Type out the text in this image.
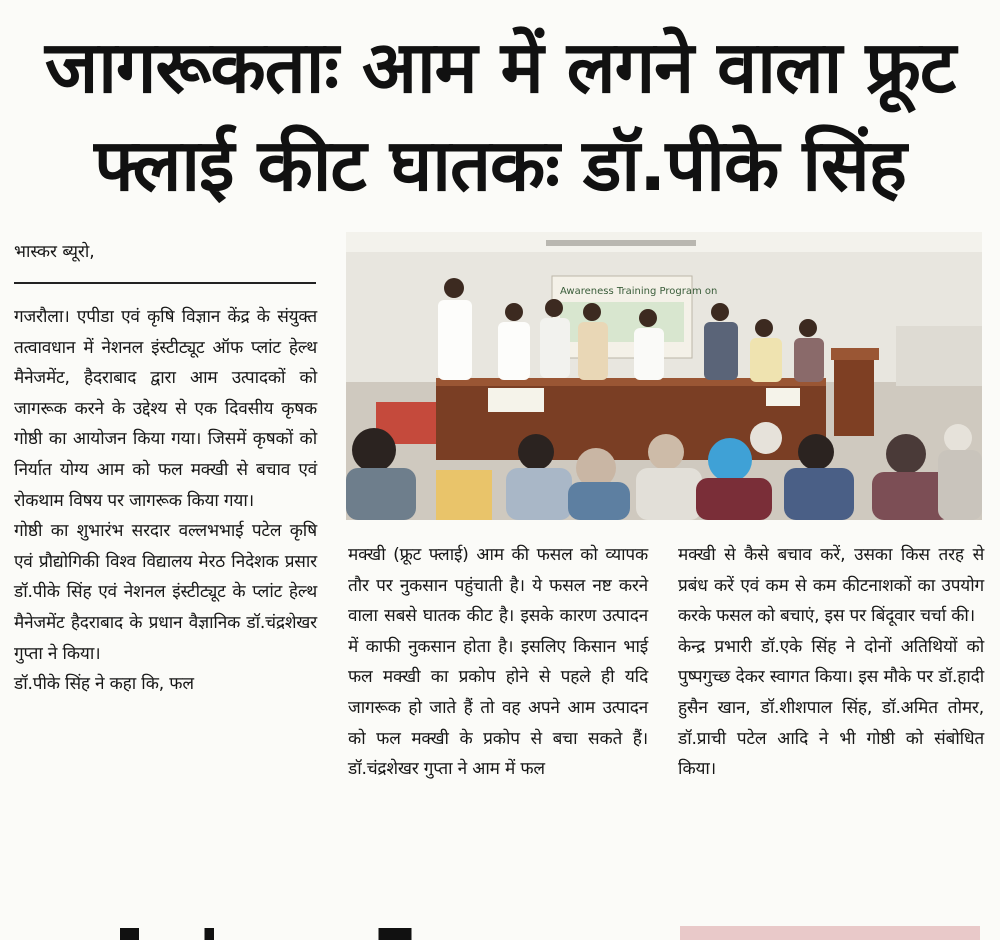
जागरूकताः आम में लगने वाला फ्रूट
फ्लाई कीट घातकः डॉ.पीके सिंह
भास्कर ब्यूरो,

गजरौला। एपीडा एवं कृषि विज्ञान केंद्र के संयुक्त तत्वावधान में नेशनल इंस्टीट्यूट ऑफ प्लांट हेल्थ मैनेजमेंट, हैदराबाद द्वारा आम उत्पादकों को जागरूक करने के उद्देश्य से एक दिवसीय कृषक गोष्ठी का आयोजन किया गया। जिसमें कृषकों को निर्यात योग्य आम को फल मक्खी से बचाव एवं रोकथाम विषय पर जागरूक किया गया।

गोष्ठी का शुभारंभ सरदार वल्लभभाई पटेल कृषि एवं प्रौद्योगिकी विश्व विद्यालय मेरठ निदेशक प्रसार डॉ.पीके सिंह एवं नेशनल इंस्टीट्यूट के प्लांट हेल्थ मैनेजमेंट हैदराबाद के प्रधान वैज्ञानिक डॉ.चंद्रशेखर गुप्ता ने किया।

डॉ.पीके सिंह ने कहा कि, फल

Awareness Training Program on

मक्खी (फ्रूट फ्लाई) आम की फसल को व्यापक तौर पर नुकसान पहुंचाती है। ये फसल नष्ट करने वाला सबसे घातक कीट है। इसके कारण उत्पादन में काफी नुकसान होता है। इसलिए किसान भाई फल मक्खी का प्रकोप होने से पहले ही यदि जागरूक हो जाते हैं तो वह अपने आम उत्पादन को फल मक्खी के प्रकोप से बचा सकते हैं। डॉ.चंद्रशेखर गुप्ता ने आम में फल

मक्खी से कैसे बचाव करें, उसका किस तरह से प्रबंध करें एवं कम से कम कीटनाशकों का उपयोग करके फसल को बचाएं, इस पर बिंदूवार चर्चा की।

केन्द्र प्रभारी डॉ.एके सिंह ने दोनों अतिथियों को पुष्पगुच्छ देकर स्वागत किया। इस मौके पर डॉ.हादी हुसैन खान, डॉ.शीशपाल सिंह, डॉ.अमित तोमर, डॉ.प्राची पटेल आदि ने भी गोष्ठी को संबोधित किया।
